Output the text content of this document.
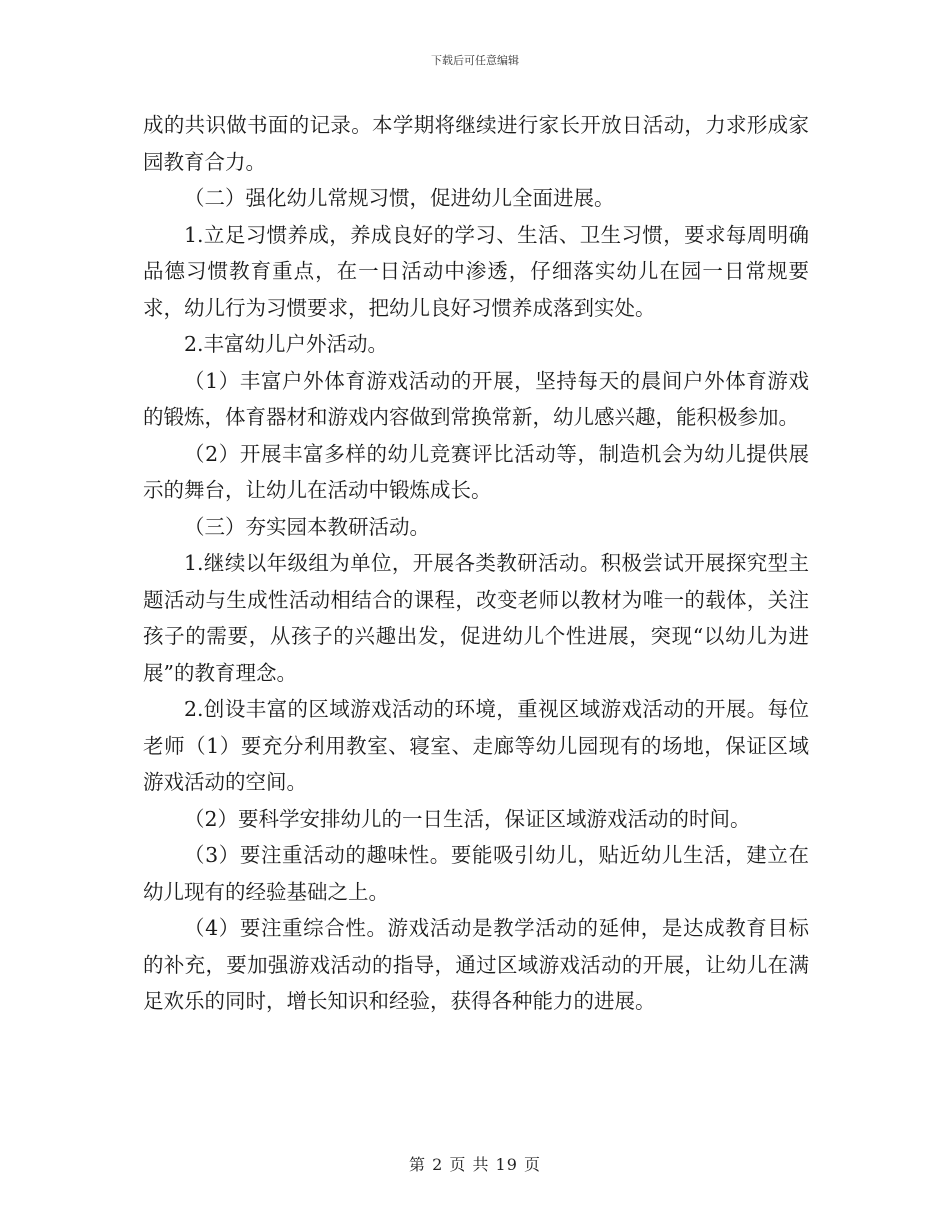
下载后可任意编辑

成的共识做书面的记录。本学期将继续进行家长开放日活动，力求形成家园教育合力。

（二）强化幼儿常规习惯，促进幼儿全面进展。

1.立足习惯养成，养成良好的学习、生活、卫生习惯，要求每周明确品德习惯教育重点，在一日活动中渗透，仔细落实幼儿在园一日常规要求，幼儿行为习惯要求，把幼儿良好习惯养成落到实处。

2.丰富幼儿户外活动。

（1）丰富户外体育游戏活动的开展，坚持每天的晨间户外体育游戏的锻炼，体育器材和游戏内容做到常换常新，幼儿感兴趣，能积极参加。

（2）开展丰富多样的幼儿竞赛评比活动等，制造机会为幼儿提供展示的舞台，让幼儿在活动中锻炼成长。

（三）夯实园本教研活动。

1.继续以年级组为单位，开展各类教研活动。积极尝试开展探究型主题活动与生成性活动相结合的课程，改变老师以教材为唯一的载体，关注孩子的需要，从孩子的兴趣出发，促进幼儿个性进展，突现“以幼儿为进展”的教育理念。

2.创设丰富的区域游戏活动的环境，重视区域游戏活动的开展。每位老师（1）要充分利用教室、寝室、走廊等幼儿园现有的场地，保证区域游戏活动的空间。

（2）要科学安排幼儿的一日生活，保证区域游戏活动的时间。

（3）要注重活动的趣味性。要能吸引幼儿，贴近幼儿生活，建立在幼儿现有的经验基础之上。

（4）要注重综合性。游戏活动是教学活动的延伸，是达成教育目标的补充，要加强游戏活动的指导，通过区域游戏活动的开展，让幼儿在满足欢乐的同时，增长知识和经验，获得各种能力的进展。

第 2 页 共 19 页
